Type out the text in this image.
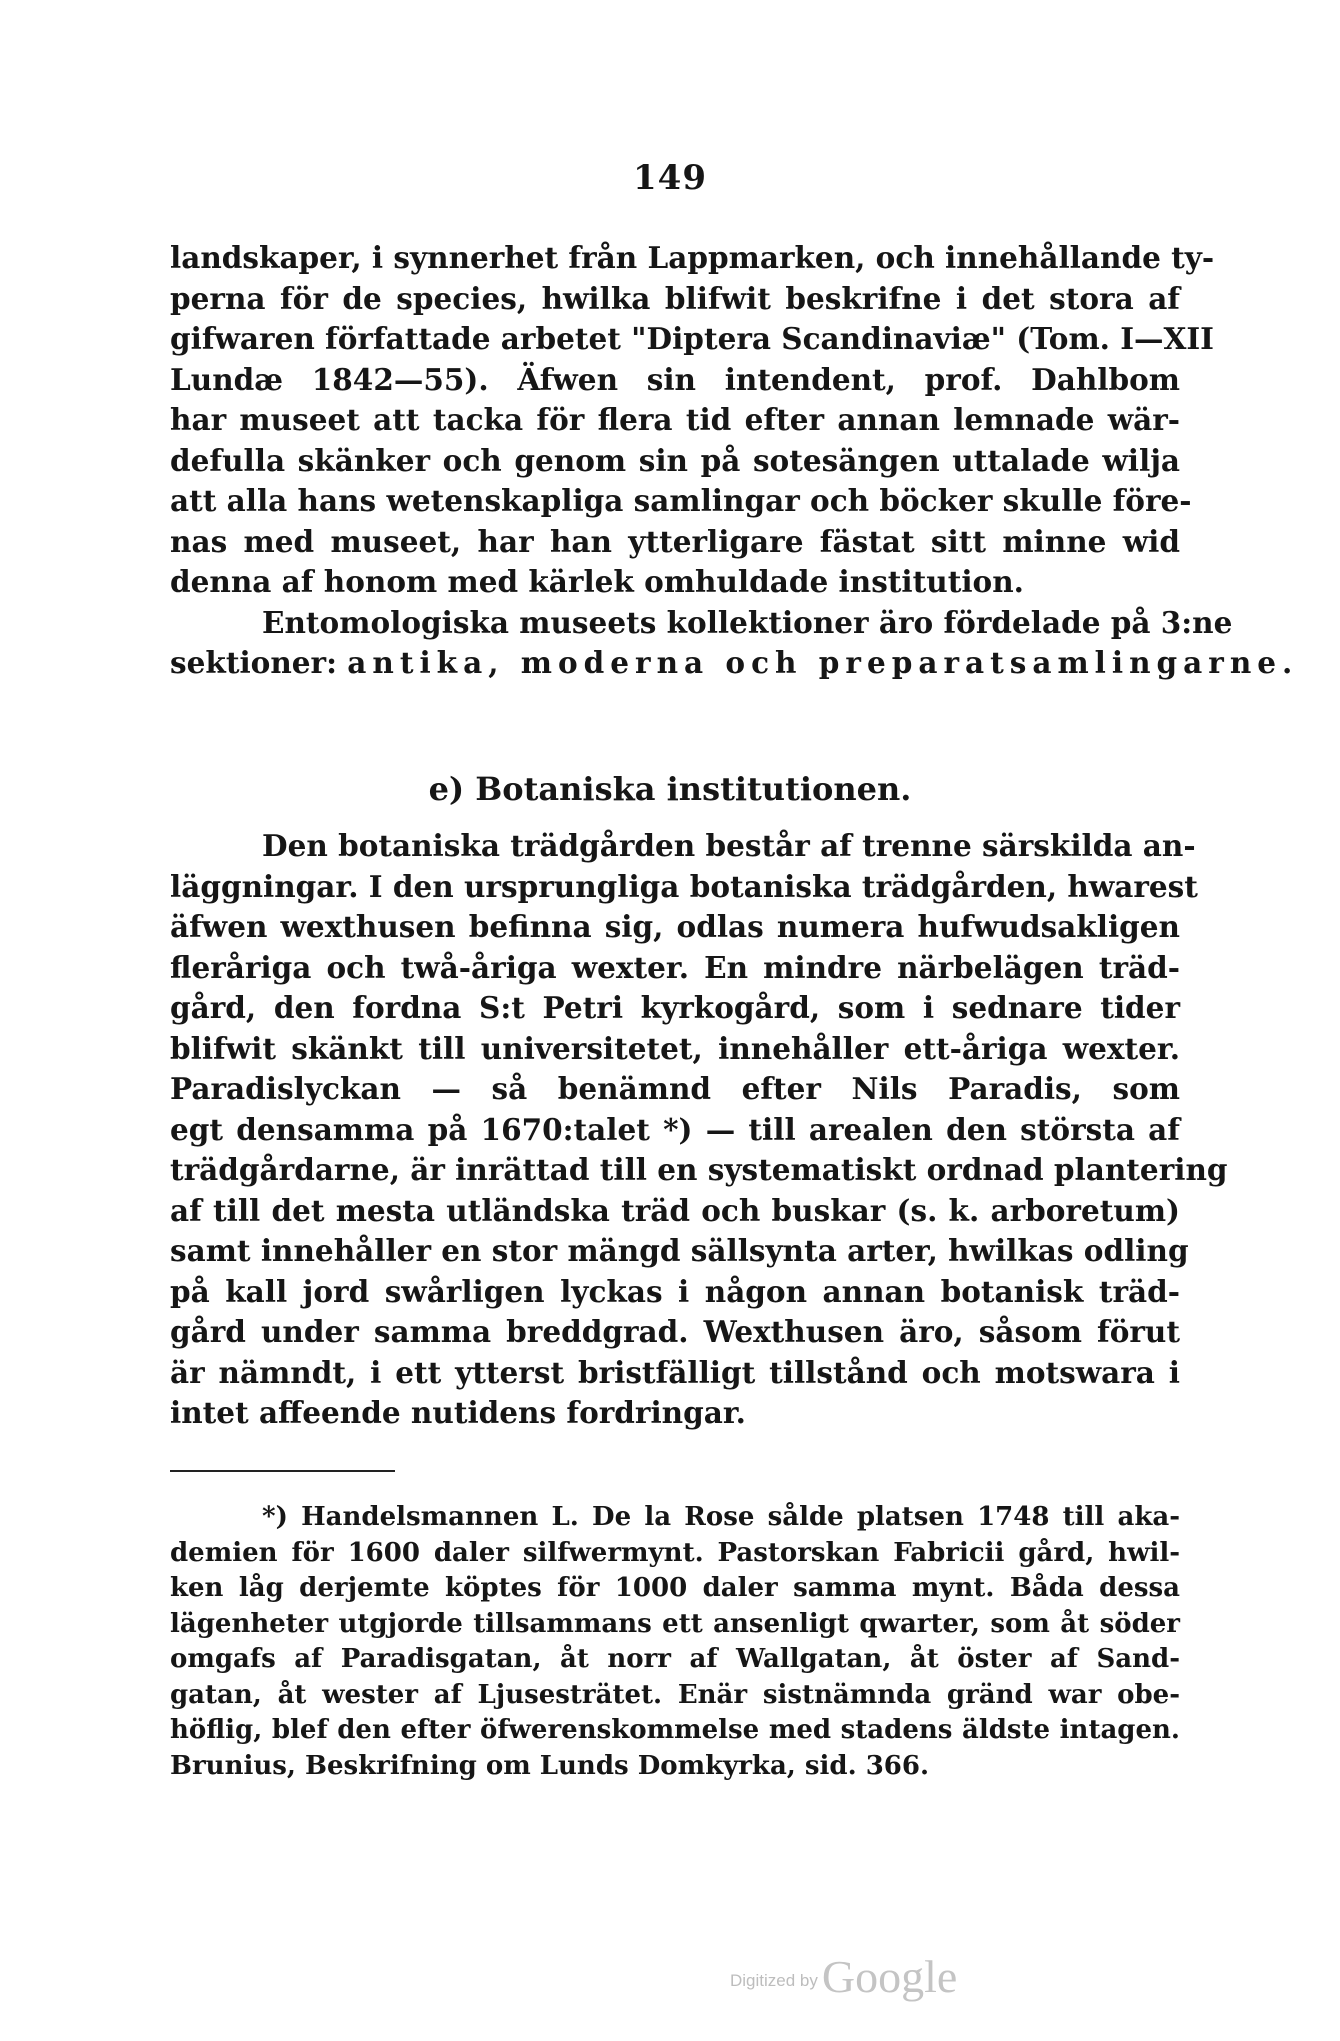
149
landskaper, i synnerhet från Lappmarken, och innehållande ty-
perna för de species, hwilka blifwit beskrifne i det stora af
gifwaren författade arbetet "Diptera Scandinaviæ" (Tom. I—XII
Lundæ 1842—55). Äfwen sin intendent, prof. Dahlbom
har museet att tacka för flera tid efter annan lemnade wär-
defulla skänker och genom sin på sotesängen uttalade wilja
att alla hans wetenskapliga samlingar och böcker skulle före-
nas med museet, har han ytterligare fästat sitt minne wid
denna af honom med kärlek omhuldade institution.
Entomologiska museets kollektioner äro fördelade på 3:ne
sektioner: antika, moderna och preparatsamlingarne.
e) Botaniska institutionen.
Den botaniska trädgården består af trenne särskilda an-
läggningar. I den ursprungliga botaniska trädgården, hwarest
äfwen wexthusen befinna sig, odlas numera hufwudsakligen
fleråriga och twå-åriga wexter. En mindre närbelägen träd-
gård, den fordna S:t Petri kyrkogård, som i sednare tider
blifwit skänkt till universitetet, innehåller ett-åriga wexter.
Paradislyckan — så benämnd efter Nils Paradis, som
egt densamma på 1670:talet *) — till arealen den största af
trädgårdarne, är inrättad till en systematiskt ordnad plantering
af till det mesta utländska träd och buskar (s. k. arboretum)
samt innehåller en stor mängd sällsynta arter, hwilkas odling
på kall jord swårligen lyckas i någon annan botanisk träd-
gård under samma breddgrad. Wexthusen äro, såsom förut
är nämndt, i ett ytterst bristfälligt tillstånd och motswara i
intet affeende nutidens fordringar.
*) Handelsmannen L. De la Rose sålde platsen 1748 till aka-
demien för 1600 daler silfwermynt. Pastorskan Fabricii gård, hwil-
ken låg derjemte köptes för 1000 daler samma mynt. Båda dessa
lägenheter utgjorde tillsammans ett ansenligt qwarter, som åt söder
omgafs af Paradisgatan, åt norr af Wallgatan, åt öster af Sand-
gatan, åt wester af Ljusesträtet. Enär sistnämnda gränd war obe-
höflig, blef den efter öfwerenskommelse med stadens äldste intagen.
Brunius, Beskrifning om Lunds Domkyrka, sid. 366.
Digitized byGoogle
